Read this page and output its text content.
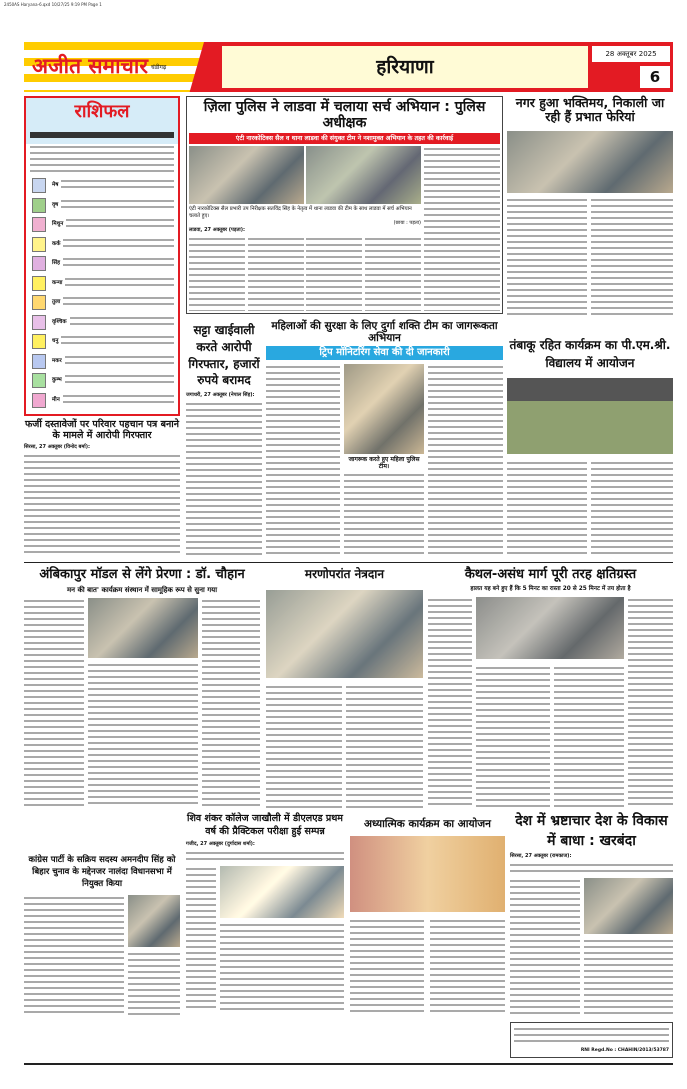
2450AS Haryana-6.qxd 10/27/25 9:19 PM Page 1
अजीत समाचार चंडीगढ़	हरियाणा
28 अक्तूबर 2025
6
राशिफल
मेष
वृष
मिथुन
कर्क
सिंह
कन्या
तुला
वृश्चिक
धनु
मकर
कुम्भ
मीन
ज़िला पुलिस ने लाडवा में चलाया सर्च अभियान : पुलिस अधीक्षक
एंटी नारकोटिक्स सैल व थाना लाडवा की संयुक्त टीम ने नशामुक्त अभियान के तहत की कार्रवाई
एंटी नारकोटिक्स सैल प्रभारी उप निरीक्षक सतविंद्र सिंह के नेतृत्व में थाना लाडवा की टीम के साथ लाडवा में सर्च अभियान चलाते हुए।
(छाया : पड़ता)
लाडवा, 27 अक्तूबर (पड़ता):
नगर हुआ भक्तिमय, निकाली जा रही हैं प्रभात फेरियां
फर्जी दस्तावेजों पर परिवार पहचान पत्र बनाने के मामले में आरोपी गिरफ्तार
सिरसा, 27 अक्तूबर (विनोद बर्मा):
सट्टा खाईवाली करते आरोपी गिरफ्तार, हजारों रुपये बरामद
जगाधरी, 27 अक्तूबर (नेपाल सिंह):
महिलाओं की सुरक्षा के लिए दुर्गा शक्ति टीम का जागरूकता अभियान
ट्रिप मॉनिटरिंग सेवा की दी जानकारी
जागरूक करते हुए महिला पुलिस टीम।
तंबाकू रहित कार्यक्रम का पी.एम.श्री. विद्यालय में आयोजन
अंबिकापुर मॉडल से लेंगे प्रेरणा : डॉ. चौहान
मन की बात' कार्यक्रम संस्थान में सामूहिक रूप से सुना गया
मरणोपरांत नेत्रदान	कैथल-असंध मार्ग पूरी तरह क्षतिग्रस्त
हालत यह बने हुए हैं कि 5 मिनट का रास्ता 20 से 25 मिनट में तय होता है
शिव शंकर कॉलेज जाखौली में डीएलएड प्रथम वर्ष की प्रैक्टिकल परीक्षा हुई सम्पन्न
गजीद, 27 अक्तूबर (दुर्गादास शर्मा):
कांग्रेस पार्टी के सक्रिय सदस्य अमनदीप सिंह को बिहार चुनाव के मद्देनजर नालंदा विधानसभा में नियुक्त किया
अध्यात्मिक कार्यक्रम का आयोजन	देश में भ्रष्टाचार देश के विकास में बाधा : खरबंदा
सिरसा, 27 अक्तूबर (रामकाज):
RNI Regd.No : CHAHIN/2013/53787
